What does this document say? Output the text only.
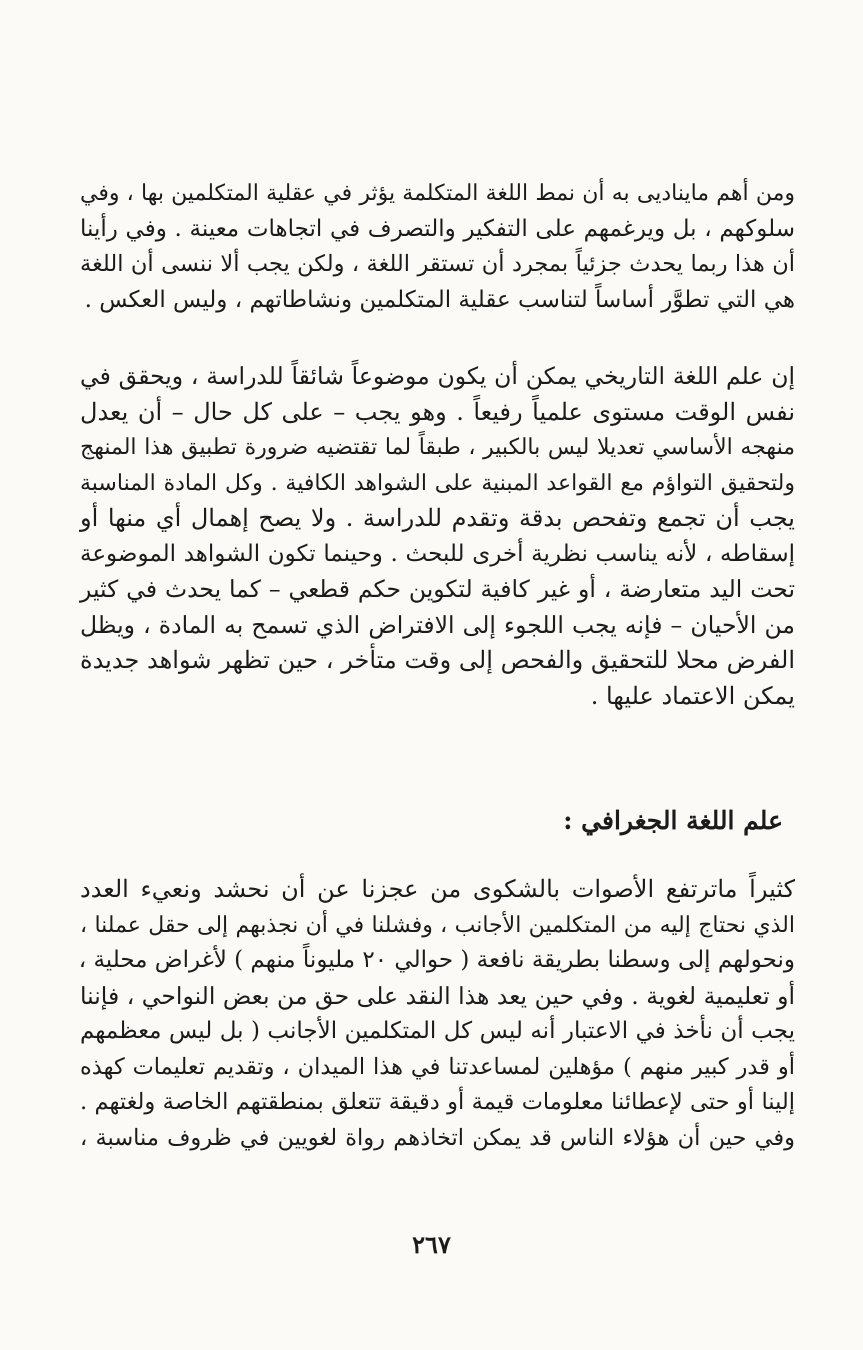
ومن أهم مايناديى به أن نمط اللغة المتكلمة يؤثر في عقلية المتكلمين بها ، وفي
سلوكهم ، بل ويرغمهم على التفكير والتصرف في اتجاهات معينة . وفي رأينا
أن هذا ربما يحدث جزئياً بمجرد أن تستقر اللغة ، ولكن يجب ألا ننسى أن اللغة
هي التي تطوَّر أساساً لتناسب عقلية المتكلمين ونشاطاتهم ، وليس العكس .
إن علم اللغة التاريخي يمكن أن يكون موضوعاً شائقاً للدراسة ، ويحقق في
نفس الوقت مستوى علمياً رفيعاً . وهو يجب – على كل حال – أن يعدل
منهجه الأساسي تعديلا ليس بالكبير ، طبقاً لما تقتضيه ضرورة تطبيق هذا المنهج
ولتحقيق التواؤم مع القواعد المبنية على الشواهد الكافية . وكل المادة المناسبة
يجب أن تجمع وتفحص بدقة وتقدم للدراسة . ولا يصح إهمال أي منها أو
إسقاطه ، لأنه يناسب نظرية أخرى للبحث . وحينما تكون الشواهد الموضوعة
تحت اليد متعارضة ، أو غير كافية لتكوين حكم قطعي – كما يحدث في كثير
من الأحيان – فإنه يجب اللجوء إلى الافتراض الذي تسمح به المادة ، ويظل
الفرض محلا للتحقيق والفحص إلى وقت متأخر ، حين تظهر شواهد جديدة
يمكن الاعتماد عليها .
علم اللغة الجغرافي :
كثيراً ماترتفع الأصوات بالشكوى من عجزنا عن أن نحشد ونعيء العدد
الذي نحتاج إليه من المتكلمين الأجانب ، وفشلنا في أن نجذبهم إلى حقل عملنا ،
ونحولهم إلى وسطنا بطريقة نافعة ( حوالي ٢٠ مليوناً منهم ) لأغراض محلية ،
أو تعليمية لغوية . وفي حين يعد هذا النقد على حق من بعض النواحي ، فإننا
يجب أن نأخذ في الاعتبار أنه ليس كل المتكلمين الأجانب ( بل ليس معظمهم
أو قدر كبير منهم ) مؤهلين لمساعدتنا في هذا الميدان ، وتقديم تعليمات كهذه
إلينا أو حتى لإعطائنا معلومات قيمة أو دقيقة تتعلق بمنطقتهم الخاصة ولغتهم .
وفي حين أن هؤلاء الناس قد يمكن اتخاذهم رواة لغويين في ظروف مناسبة ،
٢٦٧
